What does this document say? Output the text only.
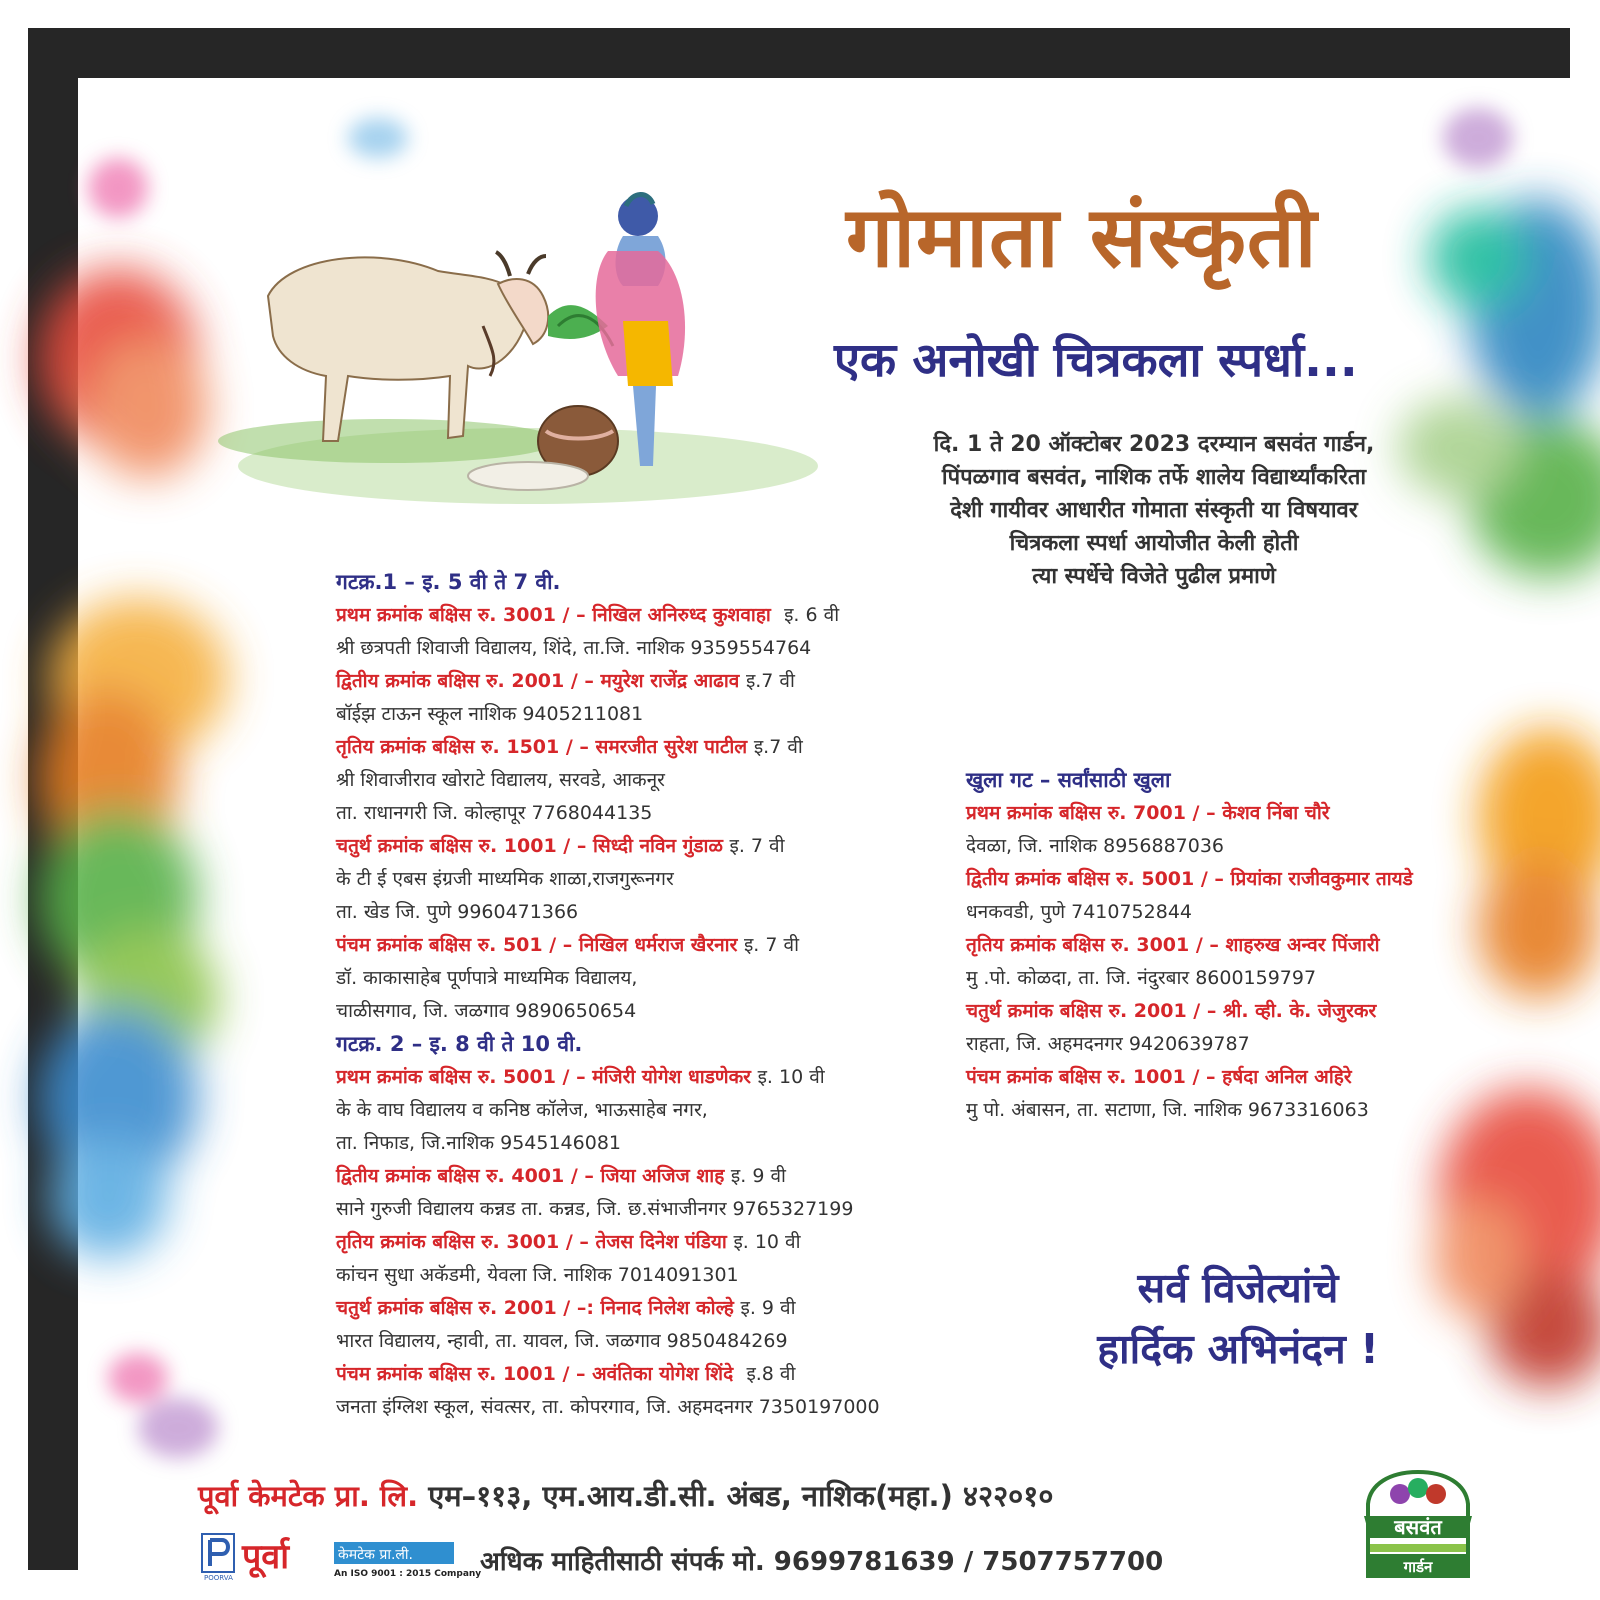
गोमाता संस्कृती
एक अनोखी चित्रकला स्पर्धा...
दि. 1 ते 20 ऑक्टोबर 2023 दरम्यान बसवंत गार्डन,
पिंपळगाव बसवंत, नाशिक तर्फे शालेय विद्यार्थ्यांकरिता
देशी गायीवर आधारीत गोमाता संस्कृती या विषयावर
चित्रकला स्पर्धा आयोजीत केली होती
त्या स्पर्धेचे विजेते पुढील प्रमाणे
गटक्र.1 – इ. 5 वी ते 7 वी.
प्रथम क्रमांक बक्षिस रु. 3001 / – निखिल अनिरुध्द कुशवाहा इ. 6 वी
श्री छत्रपती शिवाजी विद्यालय, शिंदे, ता.जि. नाशिक 9359554764
द्वितीय क्रमांक बक्षिस रु. 2001 / – मयुरेश राजेंद्र आढाव इ.7 वी
बॉईझ टाऊन स्कूल नाशिक 9405211081
तृतिय क्रमांक बक्षिस रु. 1501 / – समरजीत सुरेश पाटील इ.7 वी
श्री शिवाजीराव खोराटे विद्यालय, सरवडे, आकनूर
ता. राधानगरी जि. कोल्हापूर 7768044135
चतुर्थ क्रमांक बक्षिस रु. 1001 / – सिध्दी नविन गुंडाळ इ. 7 वी
के टी ई एबस इंग्रजी माध्यमिक शाळा,राजगुरूनगर
ता. खेड जि. पुणे 9960471366
पंचम क्रमांक बक्षिस रु. 501 / – निखिल धर्मराज खैरनार इ. 7 वी
डॉ. काकासाहेब पूर्णपात्रे माध्यमिक विद्यालय,
चाळीसगाव, जि. जळगाव 9890650654
गटक्र. 2 – इ. 8 वी ते 10 वी.
प्रथम क्रमांक बक्षिस रु. 5001 / – मंजिरी योगेश धाडणेकर इ. 10 वी
के के वाघ विद्यालय व कनिष्ठ कॉलेज, भाऊसाहेब नगर,
ता. निफाड, जि.नाशिक 9545146081
द्वितीय क्रमांक बक्षिस रु. 4001 / – जिया अजिज शाह इ. 9 वी
साने गुरुजी विद्यालय कन्नड ता. कन्नड, जि. छ.संभाजीनगर 9765327199
तृतिय क्रमांक बक्षिस रु. 3001 / – तेजस दिनेश पंडिया इ. 10 वी
कांचन सुधा अकॅडमी, येवला जि. नाशिक 7014091301
चतुर्थ क्रमांक बक्षिस रु. 2001 / –: निनाद निलेश कोल्हे इ. 9 वी
भारत विद्यालय, न्हावी, ता. यावल, जि. जळगाव 9850484269
पंचम क्रमांक बक्षिस रु. 1001 / – अवंतिका योगेश शिंदे इ.8 वी
जनता इंग्लिश स्कूल, संवत्सर, ता. कोपरगाव, जि. अहमदनगर 7350197000
खुला गट – सर्वांसाठी खुला
प्रथम क्रमांक बक्षिस रु. 7001 / – केशव निंबा चौरे
देवळा, जि. नाशिक 8956887036
द्वितीय क्रमांक बक्षिस रु. 5001 / – प्रियांका राजीवकुमार तायडे
धनकवडी, पुणे 7410752844
तृतिय क्रमांक बक्षिस रु. 3001 / – शाहरुख अन्वर पिंजारी
मु .पो. कोळदा, ता. जि. नंदुरबार 8600159797
चतुर्थ क्रमांक बक्षिस रु. 2001 / – श्री. व्ही. के. जेजुरकर
राहता, जि. अहमदनगर 9420639787
पंचम क्रमांक बक्षिस रु. 1001 / – हर्षदा अनिल अहिरे
मु पो. अंबासन, ता. सटाणा, जि. नाशिक 9673316063
सर्व विजेत्यांचे
हार्दिक अभिनंदन !
पूर्वा केमटेक प्रा. लि. एम–११३, एम.आय.डी.सी. अंबड, नाशिक(महा.) ४२२०१०
POORVA
पूर्वा	केमटेक प्रा.ली.
An ISO 9001 : 2015 Company
अधिक माहितीसाठी संपर्क मो. 9699781639 / 7507757700
बसवंत
गार्डन
